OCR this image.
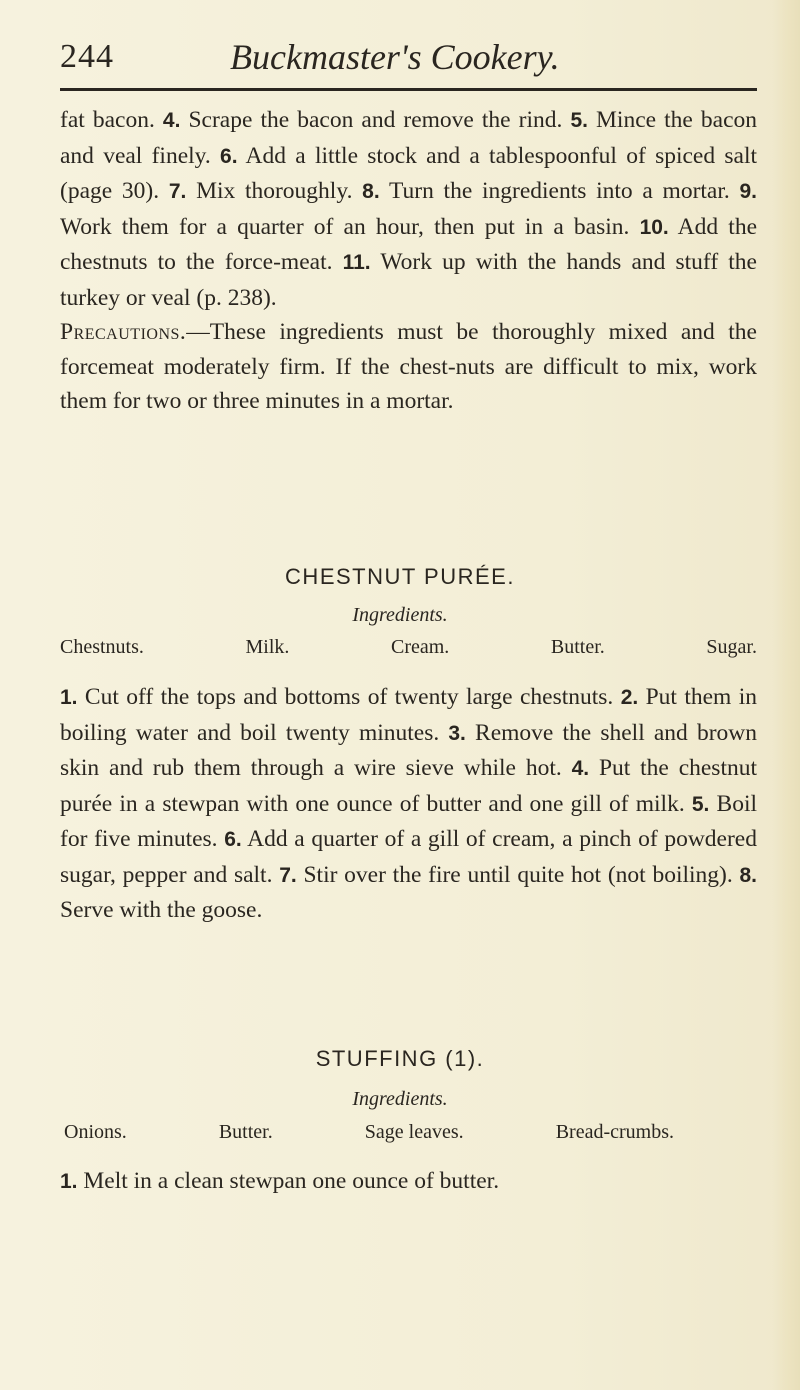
244	Buckmaster's Cookery.

fat bacon. 4. Scrape the bacon and remove the rind. 5. Mince the bacon and veal finely. 6. Add a little stock and a tablespoonful of spiced salt (page 30). 7. Mix thoroughly. 8. Turn the ingredients into a mortar. 9. Work them for a quarter of an hour, then put in a basin. 10. Add the chestnuts to the force-meat. 11. Work up with the hands and stuff the turkey or veal (p. 238).

Precautions.—These ingredients must be thoroughly mixed and the forcemeat moderately firm. If the chest-nuts are difficult to mix, work them for two or three minutes in a mortar.

CHESTNUT PURÉE.
Ingredients.
Chestnuts.	Milk.	Cream.	Butter.	Sugar.

1. Cut off the tops and bottoms of twenty large chestnuts. 2. Put them in boiling water and boil twenty minutes. 3. Remove the shell and brown skin and rub them through a wire sieve while hot. 4. Put the chestnut purée in a stewpan with one ounce of butter and one gill of milk. 5. Boil for five minutes. 6. Add a quarter of a gill of cream, a pinch of powdered sugar, pepper and salt. 7. Stir over the fire until quite hot (not boiling). 8. Serve with the goose.

STUFFING (1).
Ingredients.
Onions.	Butter.	Sage leaves.	Bread-crumbs.

1. Melt in a clean stewpan one ounce of butter.
